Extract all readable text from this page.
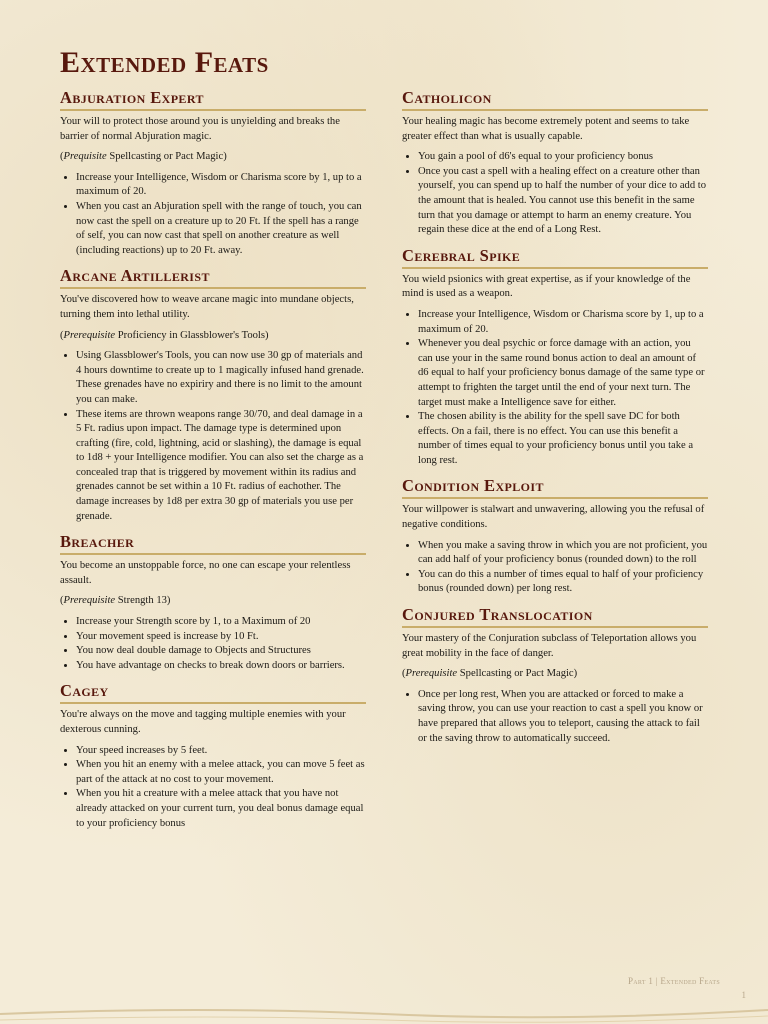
Extended Feats
Abjuration Expert

Your will to protect those around you is unyielding and breaks the barrier of normal Abjuration magic.

(Prequisite Spellcasting or Pact Magic)

• Increase your Intelligence, Wisdom or Charisma score by 1, up to a maximum of 20.
• When you cast an Abjuration spell with the range of touch, you can now cast the spell on a creature up to 20 Ft. If the spell has a range of self, you can now cast that spell on another creature as well (including reactions) up to 20 Ft. away.
Arcane Artillerist

You've discovered how to weave arcane magic into mundane objects, turning them into lethal utility.

(Prerequisite Proficiency in Glassblower's Tools)

• Using Glassblower's Tools, you can now use 30 gp of materials and 4 hours downtime to create up to 1 magically infused hand grenade. These grenades have no expiriry and there is no limit to the amount you can make.
• These items are thrown weapons range 30/70, and deal damage in a 5 Ft. radius upon impact. The damage type is determined upon crafting (fire, cold, lightning, acid or slashing), the damage is equal to 1d8 + your Intelligence modifier. You can also set the charge as a concealed trap that is triggered by movement within its radius and grenades cannot be set within a 10 Ft. radius of eachother. The damage increases by 1d8 per extra 30 gp of materials you use per grenade.
Breacher

You become an unstoppable force, no one can escape your relentless assault.

(Prerequisite Strength 13)

• Increase your Strength score by 1, to a Maximum of 20
• Your movement speed is increase by 10 Ft.
• You now deal double damage to Objects and Structures
• You have advantage on checks to break down doors or barriers.
Cagey

You're always on the move and tagging multiple enemies with your dexterous cunning.

• Your speed increases by 5 feet.
• When you hit an enemy with a melee attack, you can move 5 feet as part of the attack at no cost to your movement.
• When you hit a creature with a melee attack that you have not already attacked on your current turn, you deal bonus damage equal to your proficiency bonus
Catholicon

Your healing magic has become extremely potent and seems to take greater effect than what is usually capable.

• You gain a pool of d6's equal to your proficiency bonus
• Once you cast a spell with a healing effect on a creature other than yourself, you can spend up to half the number of your dice to add to the amount that is healed. You cannot use this benefit in the same turn that you damage or attempt to harm an enemy creature. You regain these dice at the end of a Long Rest.
Cerebral Spike

You wield psionics with great expertise, as if your knowledge of the mind is used as a weapon.

• Increase your Intelligence, Wisdom or Charisma score by 1, up to a maximum of 20.
• Whenever you deal psychic or force damage with an action, you can use your in the same round bonus action to deal an amount of d6 equal to half your proficiency bonus damage of the same type or attempt to frighten the target until the end of your next turn. The target must make a Intelligence save for either.
• The chosen ability is the ability for the spell save DC for both effects. On a fail, there is no effect. You can use this benefit a number of times equal to your proficiency bonus until you take a long rest.
Condition Exploit

Your willpower is stalwart and unwavering, allowing you the refusal of negative conditions.

• When you make a saving throw in which you are not proficient, you can add half of your proficiency bonus (rounded down) to the roll
• You can do this a number of times equal to half of your proficiency bonus (rounded down) per long rest.
Conjured Translocation

Your mastery of the Conjuration subclass of Teleportation allows you great mobility in the face of danger.

(Prerequisite Spellcasting or Pact Magic)

• Once per long rest, When you are attacked or forced to make a saving throw, you can use your reaction to cast a spell you know or have prepared that allows you to teleport, causing the attack to fail or the saving throw to automatically succeed.
Part 1 | Extended Feats
1
